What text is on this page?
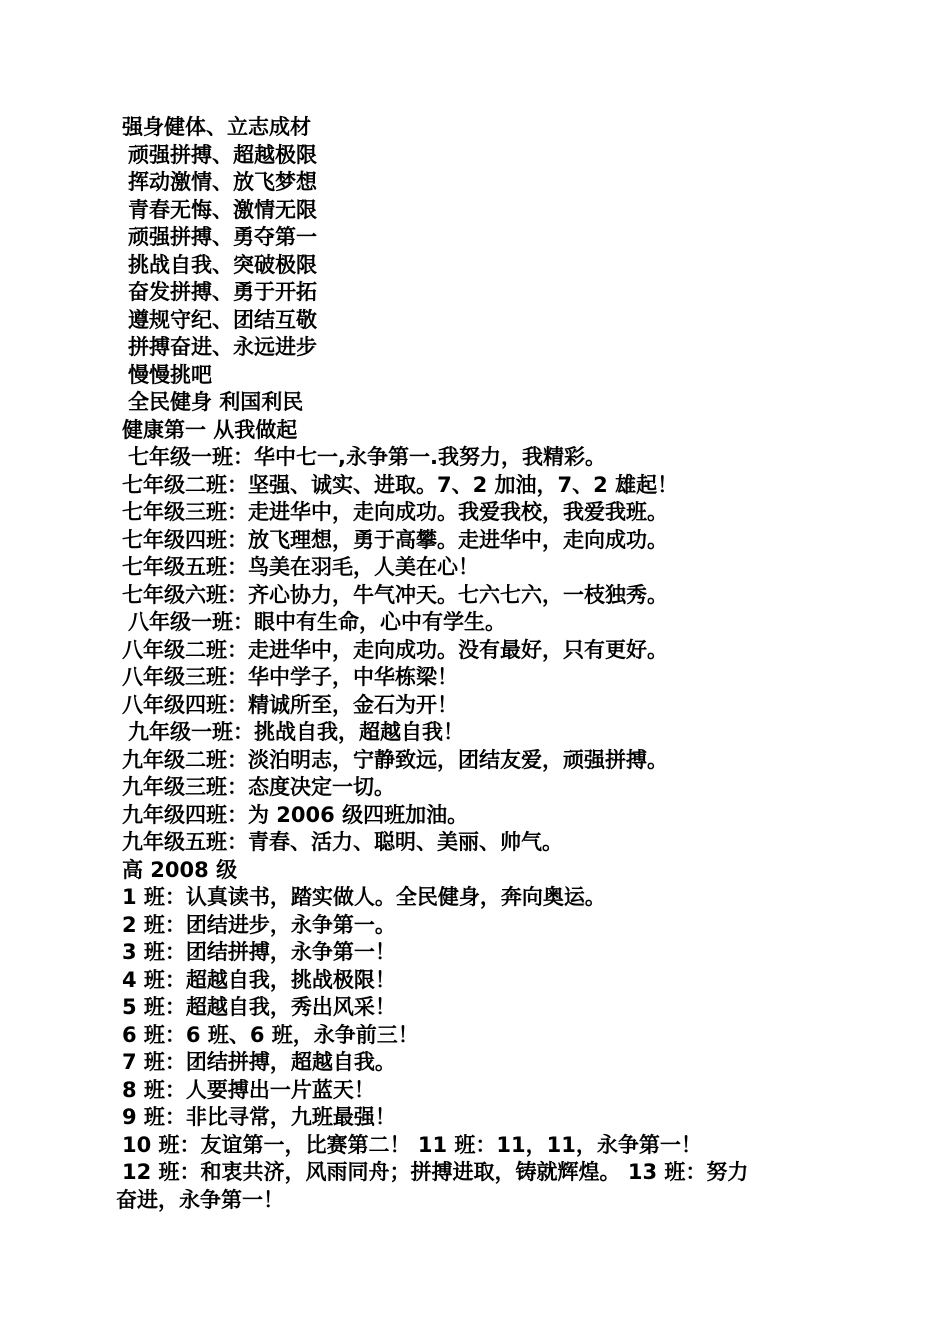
强身健体、立志成材
顽强拼搏、超越极限
挥动激情、放飞梦想
青春无悔、激情无限
顽强拼搏、勇夺第一
挑战自我、突破极限
奋发拼搏、勇于开拓
遵规守纪、团结互敬
拼搏奋进、永远进步
慢慢挑吧
全民健身 利国利民
健康第一 从我做起
七年级一班：华中七一,永争第一.我努力，我精彩。
七年级二班：坚强、诚实、进取。7、2 加油，7、2 雄起！
七年级三班：走进华中，走向成功。我爱我校，我爱我班。
七年级四班：放飞理想，勇于高攀。走进华中，走向成功。
七年级五班：鸟美在羽毛，人美在心！
七年级六班：齐心协力，牛气冲天。七六七六，一枝独秀。
八年级一班：眼中有生命，心中有学生。
八年级二班：走进华中，走向成功。没有最好，只有更好。
八年级三班：华中学子，中华栋梁！
八年级四班：精诚所至，金石为开！
九年级一班：挑战自我，超越自我！
九年级二班：淡泊明志，宁静致远，团结友爱，顽强拼搏。
九年级三班：态度决定一切。
九年级四班：为 2006 级四班加油。
九年级五班：青春、活力、聪明、美丽、帅气。
高 2008 级
1 班：认真读书，踏实做人。全民健身，奔向奥运。
2 班：团结进步，永争第一。
3 班：团结拼搏，永争第一！
4 班：超越自我，挑战极限！
5 班：超越自我，秀出风采！
6 班：6 班、6 班，永争前三！
7 班：团结拼搏，超越自我。
8 班：人要搏出一片蓝天！
9 班：非比寻常，九班最强！
10 班：友谊第一，比赛第二！ 11 班：11，11，永争第一！
12 班：和衷共济，风雨同舟；拼搏进取，铸就辉煌。 13 班：努力
奋进，永争第一！
